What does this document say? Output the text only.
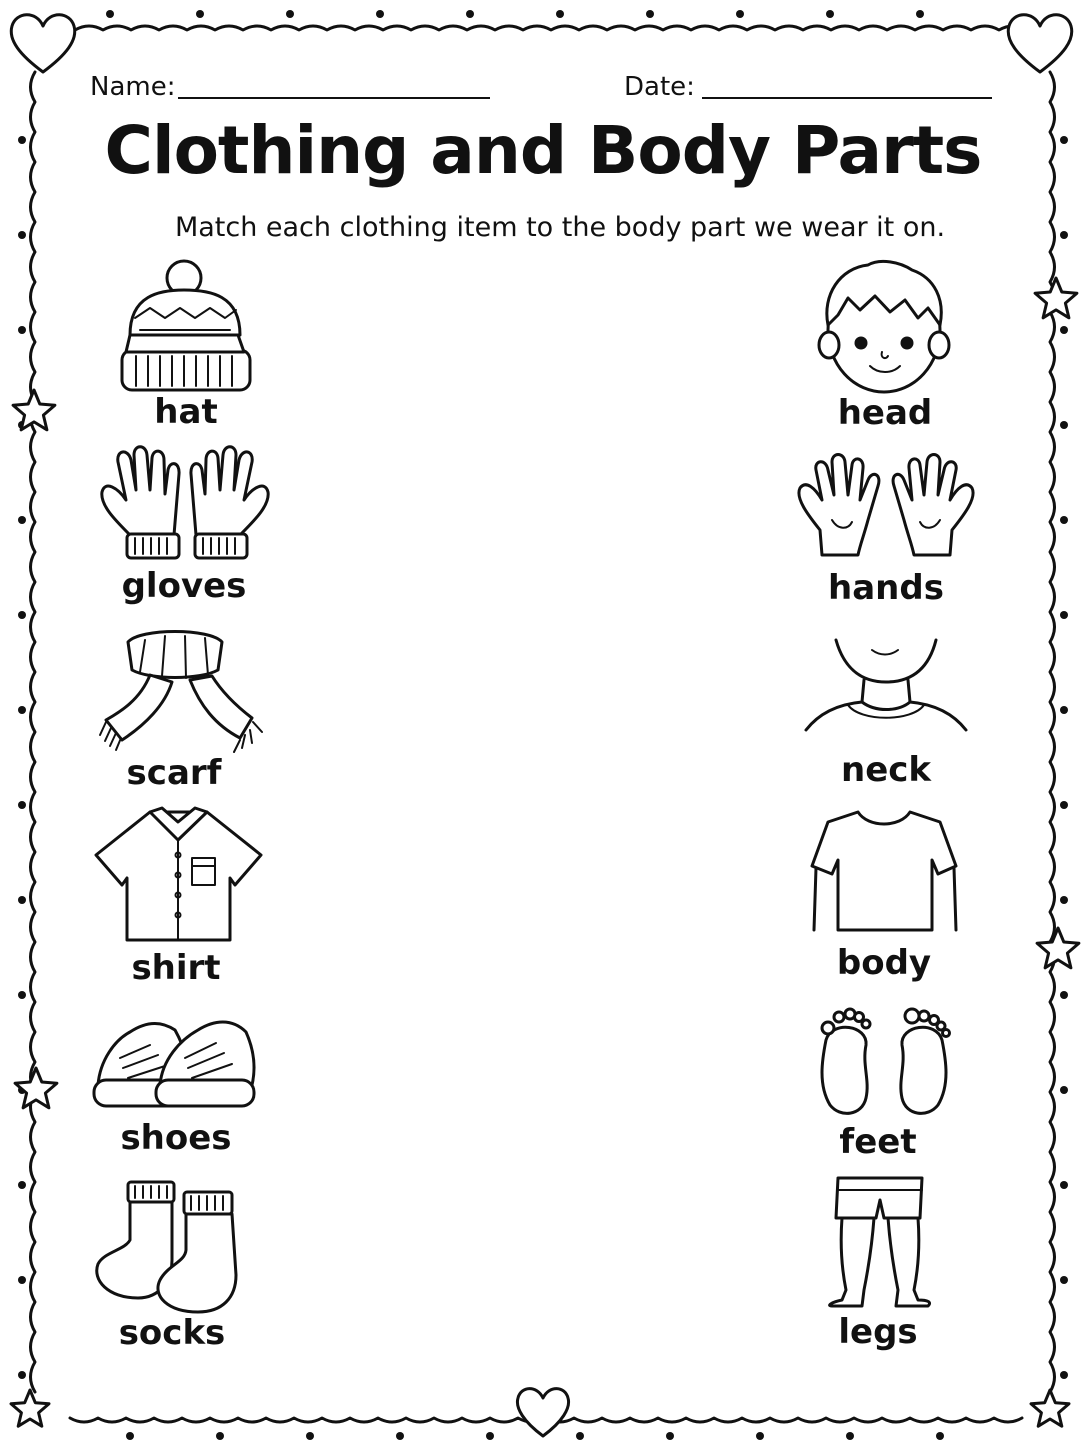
Name:	Date:
Clothing and Body Parts
Match each clothing item to the body part we wear it on.
hat
gloves
scarf
shirt
shoes
socks
head
hands
neck
body
feet
legs
